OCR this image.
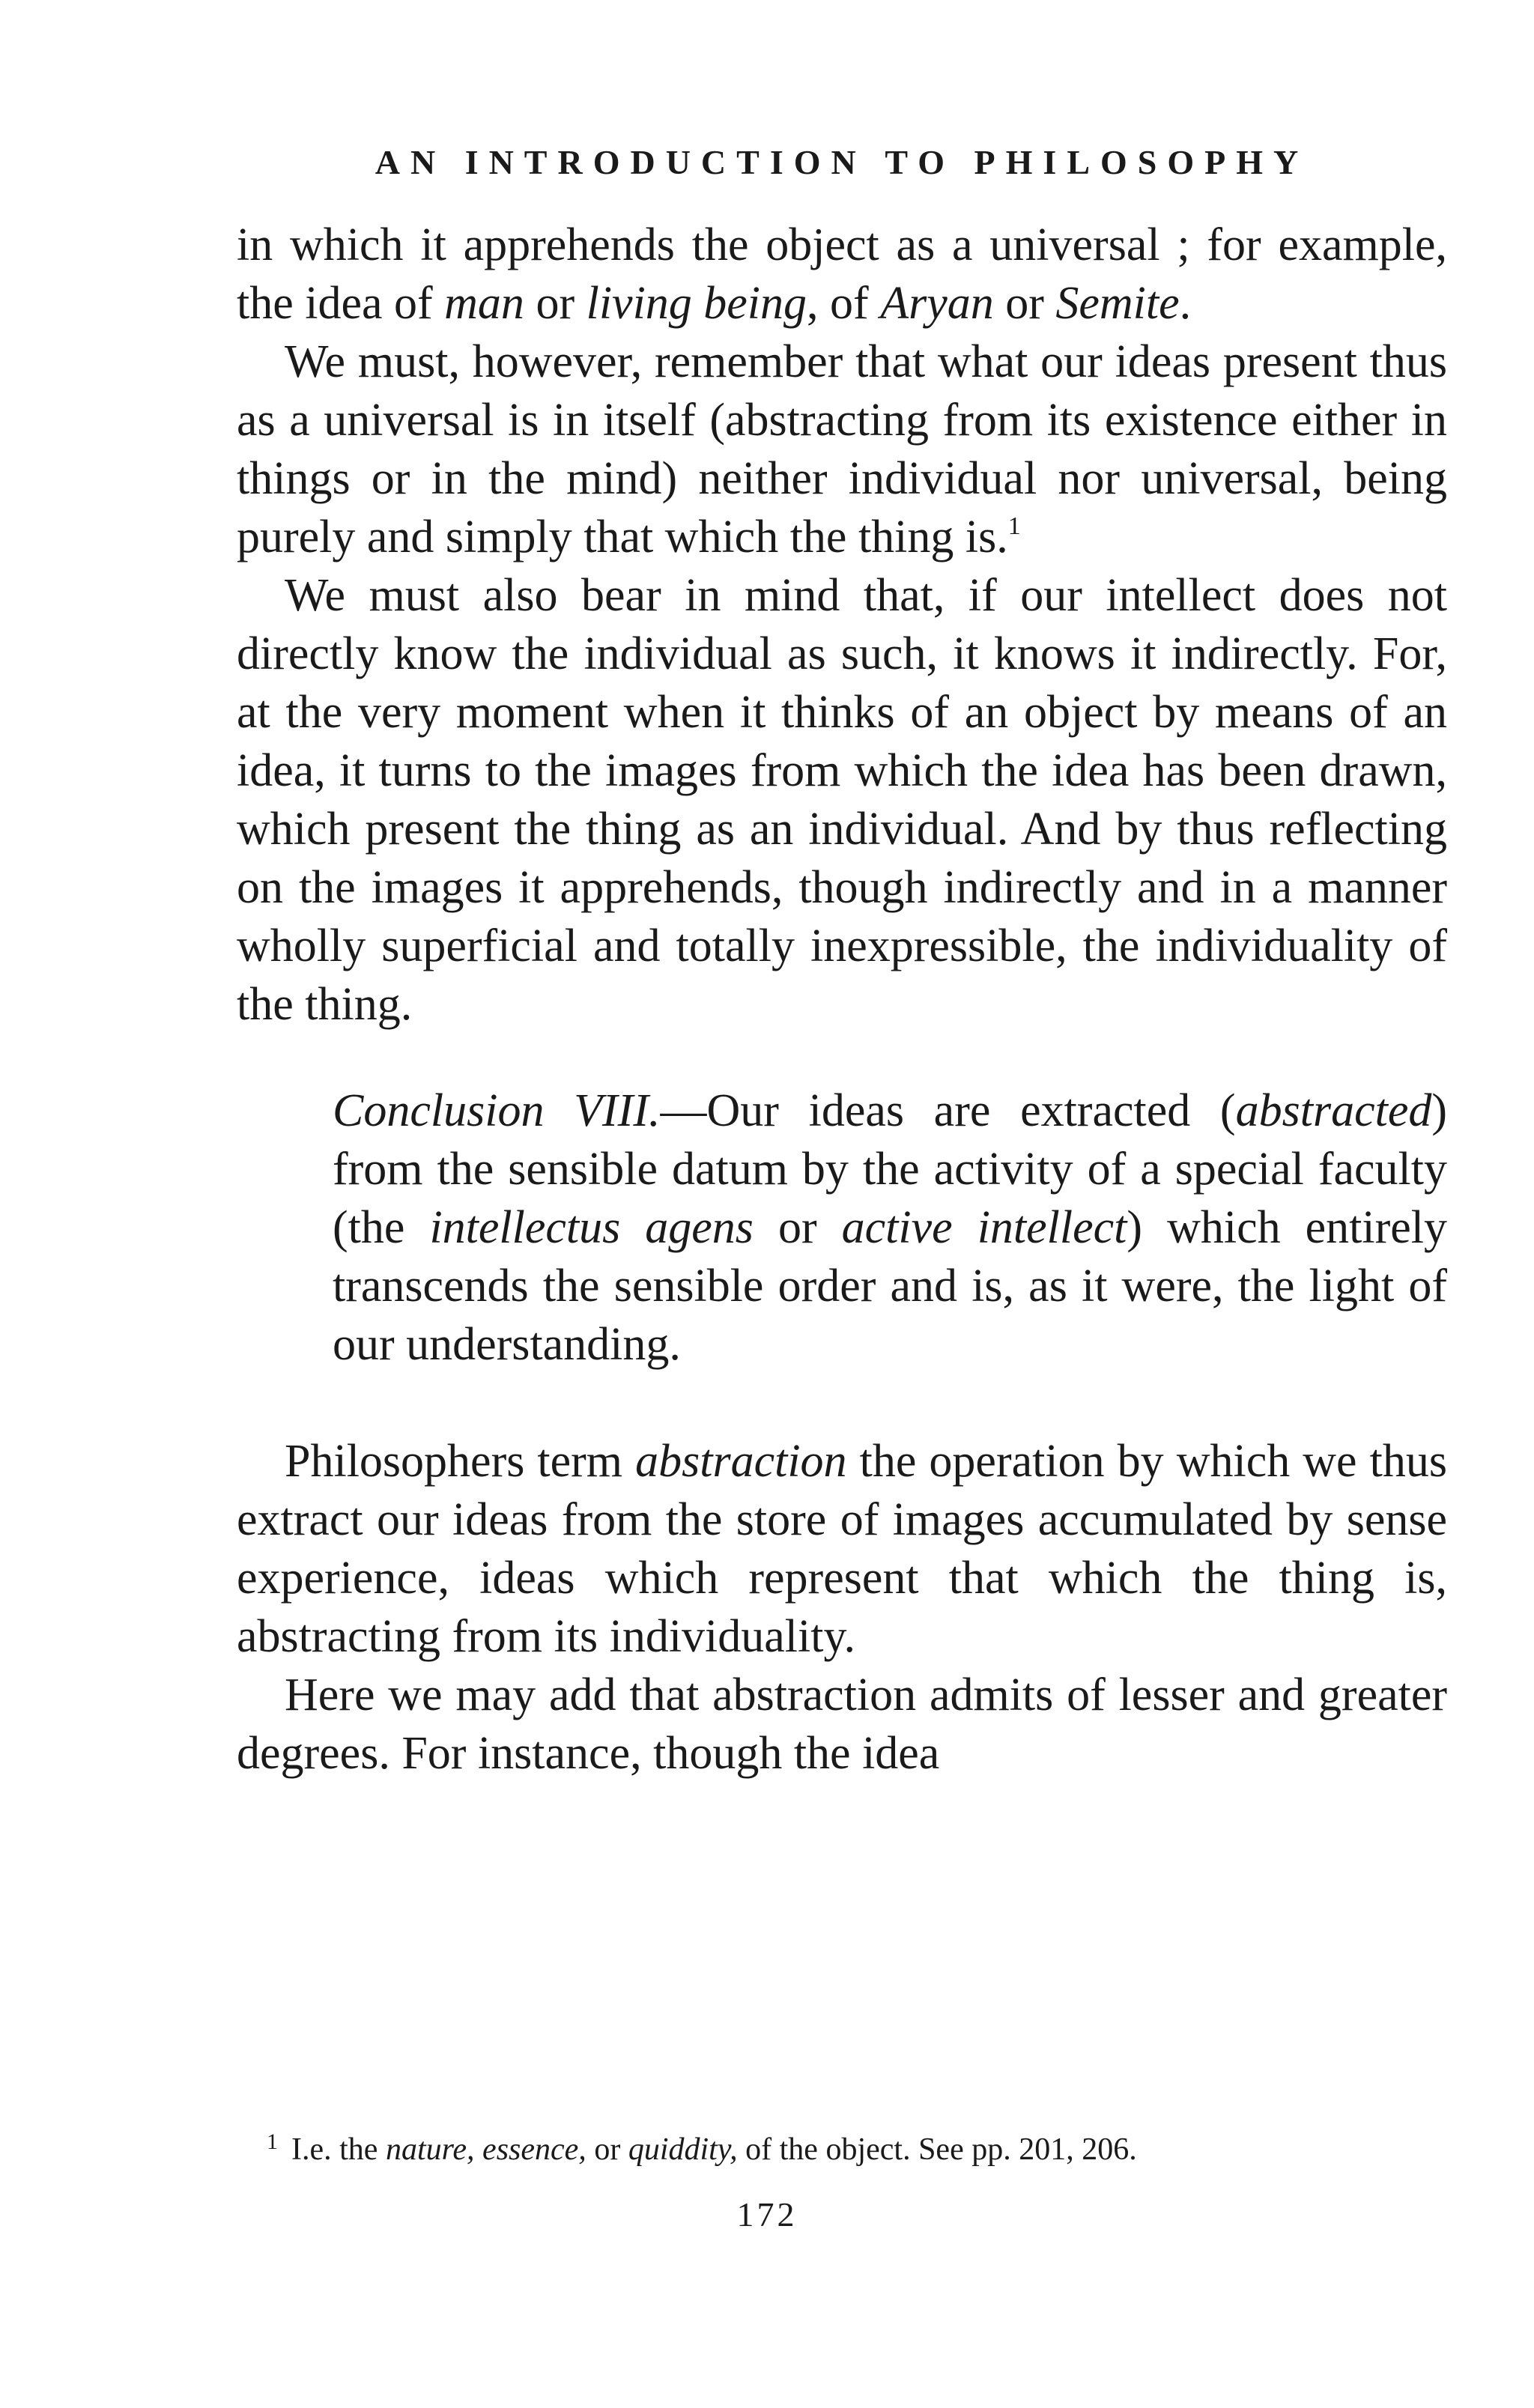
AN INTRODUCTION TO PHILOSOPHY

in which it apprehends the object as a universal ; for example, the idea of man or living being, of Aryan or Semite.

We must, however, remember that what our ideas present thus as a universal is in itself (abstracting from its existence either in things or in the mind) neither individual nor universal, being purely and simply that which the thing is.$^1$

We must also bear in mind that, if our intellect does not directly know the individual as such, it knows it indirectly. For, at the very moment when it thinks of an object by means of an idea, it turns to the images from which the idea has been drawn, which present the thing as an individual. And by thus reflecting on the images it apprehends, though indirectly and in a manner wholly superficial and totally inexpressible, the individuality of the thing.

Conclusion VIII.—Our ideas are extracted (abstracted) from the sensible datum by the activity of a special faculty (the intellectus agens or active intellect) which entirely transcends the sensible order and is, as it were, the light of our understanding.

Philosophers term abstraction the operation by which we thus extract our ideas from the store of images accumulated by sense experience, ideas which represent that which the thing is, abstracting from its individuality.

Here we may add that abstraction admits of lesser and greater degrees. For instance, though the idea

$^1$ I.e. the nature, essence, or quiddity, of the object. See pp. 201, 206.
172
